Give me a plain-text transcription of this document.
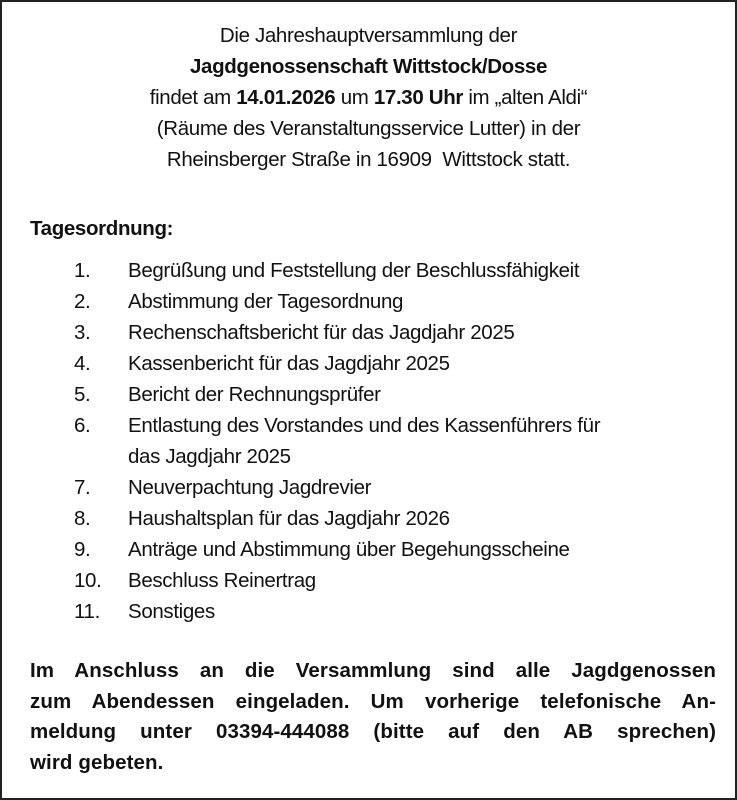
Die Jahreshauptversammlung der
Jagdgenossenschaft Wittstock/Dosse
findet am 14.01.2026 um 17.30 Uhr im „alten Aldi“
(Räume des Veranstaltungsservice Lutter) in der
Rheinsberger Straße in 16909  Wittstock statt.
Tagesordnung:
1. Begrüßung und Feststellung der Beschlussfähigkeit
2. Abstimmung der Tagesordnung
3. Rechenschaftsbericht für das Jagdjahr 2025
4. Kassenbericht für das Jagdjahr 2025
5. Bericht der Rechnungsprüfer
6. Entlastung des Vorstandes und des Kassenführers für
das Jagdjahr 2025
7. Neuverpachtung Jagdrevier
8. Haushaltsplan für das Jagdjahr 2026
9. Anträge und Abstimmung über Begehungsscheine
10. Beschluss Reinertrag
11. Sonstiges
Im Anschluss an die Versammlung sind alle Jagdgenossen
zum Abendessen eingeladen. Um vorherige telefonische An-
meldung unter 03394-444088 (bitte auf den AB sprechen)
wird gebeten.
